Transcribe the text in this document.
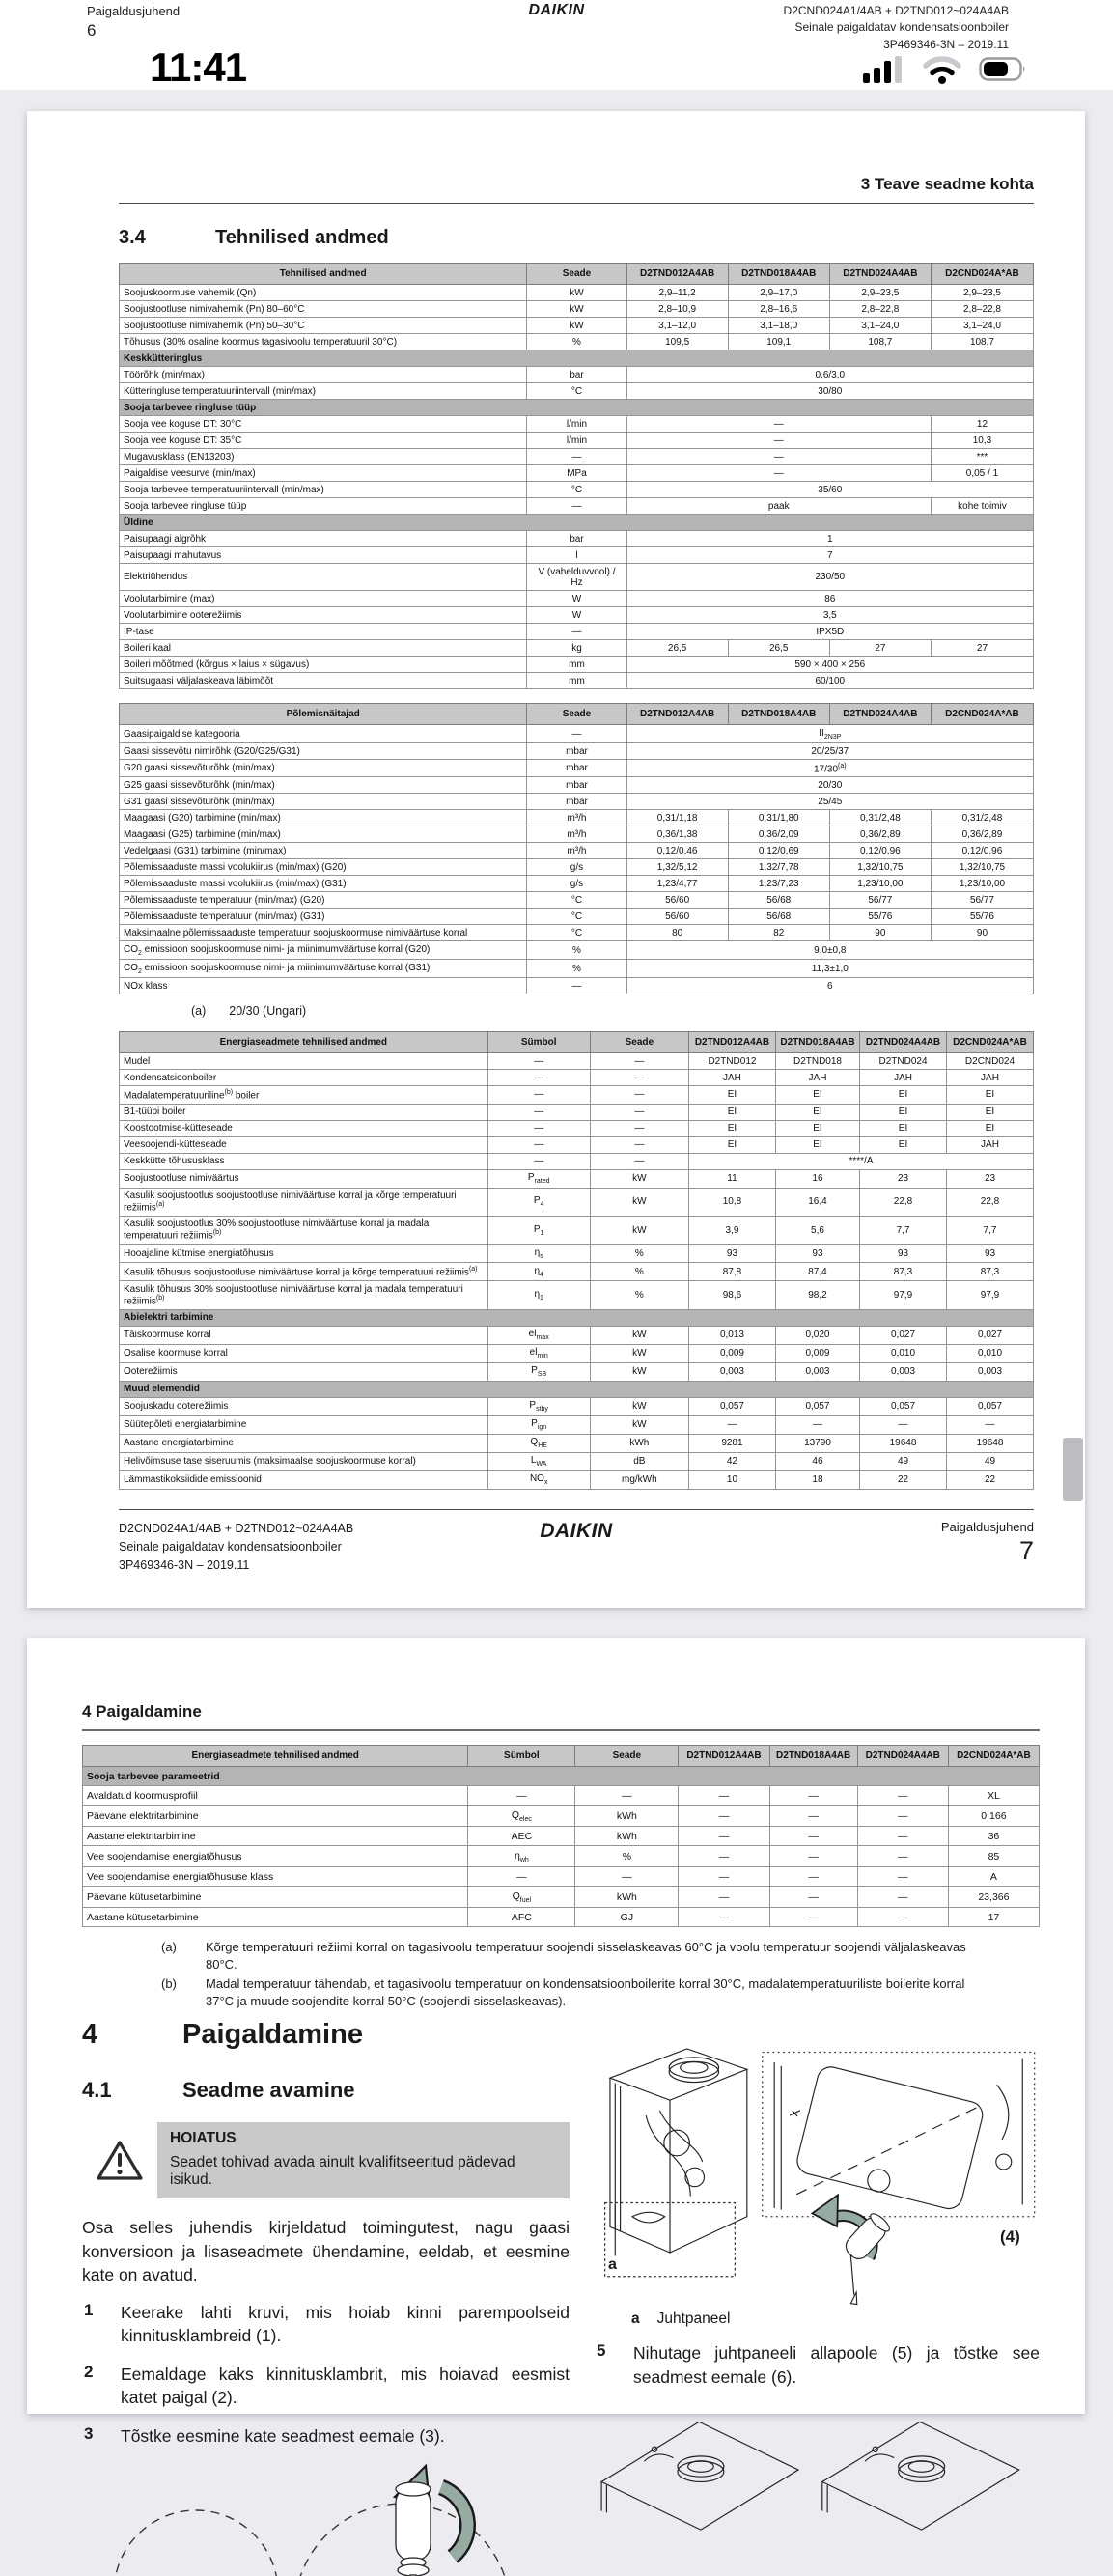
Paigaldusjuhend
6
DAIKIN	D2CND024A1/4AB + D2TND012~024A4AB
Seinale paigaldatav kondensatsioonboiler
3P469346-3N – 2019.11
11:41
3 Teave seadme kohta
3.4	Tehnilised andmed
Tehnilised andmed	Seade	D2TND012A4AB	D2TND018A4AB	D2TND024A4AB	D2CND024A*AB
Soojuskoormuse vahemik (Qn)	kW	2,9–11,2	2,9–17,0	2,9–23,5	2,9–23,5
Soojustootluse nimivahemik (Pn) 80–60°C	kW	2,8–10,9	2,8–16,6	2,8–22,8	2,8–22,8
Soojustootluse nimivahemik (Pn) 50–30°C	kW	3,1–12,0	3,1–18,0	3,1–24,0	3,1–24,0
Tõhusus (30% osaline koormus tagasivoolu temperatuuril 30°C)	%	109,5	109,1	108,7	108,7
Keskkütteringlus					
Töörõhk (min/max)	bar	0,6/3,0			
Kütteringluse temperatuuriintervall (min/max)	°C	30/80			
Sooja tarbevee ringluse tüüp					
Sooja vee koguse DT: 30°C	l/min	—			12
Sooja vee koguse DT: 35°C	l/min	—			10,3
Mugavusklass (EN13203)	—	—			***
Paigaldise veesurve (min/max)	MPa	—			0,05 / 1
Sooja tarbevee temperatuuriintervall (min/max)	°C	35/60			
Sooja tarbevee ringluse tüüp	—	paak			kohe toimiv
Üldine					
Paisupaagi algrõhk	bar	1			
Paisupaagi mahutavus	l	7			
Elektriühendus	V (vahelduvvool) / Hz	230/50			
Voolutarbimine (max)	W	86			
Voolutarbimine ooterežiimis	W	3,5			
IP-tase	—	IPX5D			
Boileri kaal	kg	26,5	26,5	27	27
Boileri mõõtmed (kõrgus × laius × sügavus)	mm	590 × 400 × 256			
Suitsugaasi väljalaskeava läbimõõt	mm	60/100			
Põlemisnäitajad	Seade	D2TND012A4AB	D2TND018A4AB	D2TND024A4AB	D2CND024A*AB
Gaasipaigaldise kategooria	—	$II_{2N3P}$
Gaasi sissevõtu nimirõhk (G20/G25/G31)	mbar	20/25/37			
G20 gaasi sissevõturõhk (min/max)	mbar	17/30$^{(a)}$
G25 gaasi sissevõturõhk (min/max)	mbar	20/30			
G31 gaasi sissevõturõhk (min/max)	mbar	25/45			
Maagaasi (G20) tarbimine (min/max)	m³/h	0,31/1,18	0,31/1,80	0,31/2,48	0,31/2,48
Maagaasi (G25) tarbimine (min/max)	m³/h	0,36/1,38	0,36/2,09	0,36/2,89	0,36/2,89
Vedelgaasi (G31) tarbimine (min/max)	m³/h	0,12/0,46	0,12/0,69	0,12/0,96	0,12/0,96
Põlemissaaduste massi voolukiirus (min/max) (G20)	g/s	1,32/5,12	1,32/7,78	1,32/10,75	1,32/10,75
Põlemissaaduste massi voolukiirus (min/max) (G31)	g/s	1,23/4,77	1,23/7,23	1,23/10,00	1,23/10,00
Põlemissaaduste temperatuur (min/max) (G20)	°C	56/60	56/68	56/77	56/77
Põlemissaaduste temperatuur (min/max) (G31)	°C	56/60	56/68	55/76	55/76
Maksimaalne põlemissaaduste temperatuur soojuskoormuse nimiväärtuse korral	°C	80	82	90	90
$CO_2$ emissioon soojuskoormuse nimi- ja miinimumväärtuse korral (G20)	%	9,0±0,8			
$CO_2$ emissioon soojuskoormuse nimi- ja miinimumväärtuse korral (G31)	%	11,3±1,0			
NOx klass	—	6			
(a) 20/30 (Ungari)
Energiaseadmete tehnilised andmed	Sümbol	Seade	D2TND012A4AB	D2TND018A4AB	D2TND024A4AB	D2CND024A*AB
Mudel	—	—	D2TND012	D2TND018	D2TND024	D2CND024
Kondensatsioonboiler	—	—	JAH	JAH	JAH	JAH
Madalatemperatuuriline$^{(b)}$ boiler	—	—	EI	EI	EI	EI
B1-tüüpi boiler	—	—	EI	EI	EI	EI
Koostootmise-kütteseade	—	—	EI	EI	EI	EI
Veesoojendi-kütteseade	—	—	EI	EI	EI	JAH
Keskkütte tõhususklass	—	—	****/A			
Soojustootluse nimiväärtus	$P_{rated}$	kW	11	16	23	23
Kasulik soojustootlus soojustootluse nimiväärtuse korral ja kõrge temperatuuri režiimis$^{(a)}$	$P_4$	kW	10,8	16,4	22,8	22,8
Kasulik soojustootlus 30% soojustootluse nimiväärtuse korral ja madala temperatuuri režiimis$^{(b)}$	$P_1$	kW	3,9	5,6	7,7	7,7
Hooajaline kütmise energiatõhusus	$\eta_s$	%	93	93	93	93
Kasulik tõhusus soojustootluse nimiväärtuse korral ja kõrge temperatuuri režiimis$^{(a)}$	$\eta_4$	%	87,8	87,4	87,3	87,3
Kasulik tõhusus 30% soojustootluse nimiväärtuse korral ja madala temperatuuri režiimis$^{(b)}$	$\eta_1$	%	98,6	98,2	97,9	97,9
Abielektri tarbimine						
Täiskoormuse korral	$el_{max}$	kW	0,013	0,020	0,027	0,027
Osalise koormuse korral	$el_{min}$	kW	0,009	0,009	0,010	0,010
Ooterežiimis	$P_{SB}$	kW	0,003	0,003	0,003	0,003
Muud elemendid						
Soojuskadu ooterežiimis	$P_{stby}$	kW	0,057	0,057	0,057	0,057
Süütepõleti energiatarbimine	$P_{ign}$	kW	—	—	—	—
Aastane energiatarbimine	$Q_{HE}$	kWh	9281	13790	19648	19648
Helivõimsuse tase siseruumis (maksimaalse soojuskoormuse korral)	$L_{WA}$	dB	42	46	49	49
Lämmastikoksiidide emissioonid	$NO_x$	mg/kWh	10	18	22	22
D2CND024A1/4AB + D2TND012~024A4AB
Seinale paigaldatav kondensatsioonboiler
3P469346-3N – 2019.11
DAIKIN	Paigaldusjuhend
7
4 Paigaldamine
Energiaseadmete tehnilised andmed	Sümbol	Seade	D2TND012A4AB	D2TND018A4AB	D2TND024A4AB	D2CND024A*AB
Sooja tarbevee parameetrid						
Avaldatud koormusprofiil	—	—	—	—	—	XL
Päevane elektritarbimine	$Q_{elec}$	kWh	—	—	—	0,166
Aastane elektritarbimine	AEC	kWh	—	—	—	36
Vee soojendamise energiatõhusus	$\eta_{wh}$	%	—	—	—	85
Vee soojendamise energiatõhususe klass	—	—	—	—	—	A
Päevane kütusetarbimine	$Q_{fuel}$	kWh	—	—	—	23,366
Aastane kütusetarbimine	AFC	GJ	—	—	—	17
(a)	Kõrge temperatuuri režiimi korral on tagasivoolu temperatuur soojendi sisselaskeavas 60°C ja voolu temperatuur soojendi väljalaskeavas 80°C.
(b)	Madal temperatuur tähendab, et tagasivoolu temperatuur on kondensatsioonboilerite korral 30°C, madalatemperatuuriliste boilerite korral 37°C ja muude soojendite korral 50°C (soojendi sisselaskeavas).
4	Paigaldamine
4.1	Seadme avamine
HOIATUS
Seadet tohivad avada ainult kvalifitseeritud pädevad isikud.
Osa selles juhendis kirjeldatud toimingutest, nagu gaasi konversioon ja lisaseadmete ühendamine, eeldab, et eesmine kate on avatud.
1	Keerake lahti kruvi, mis hoiab kinni parempoolseid kinnitusklambreid (1).
2	Eemaldage kaks kinnitusklambrit, mis hoiavad eesmist katet paigal (2).
3	Tõstke eesmine kate seadmest eemale (3).
(4)
a
a Juhtpaneel
5	Nihutage juhtpaneeli allapoole (5) ja tõstke see seadmest eemale (6).
